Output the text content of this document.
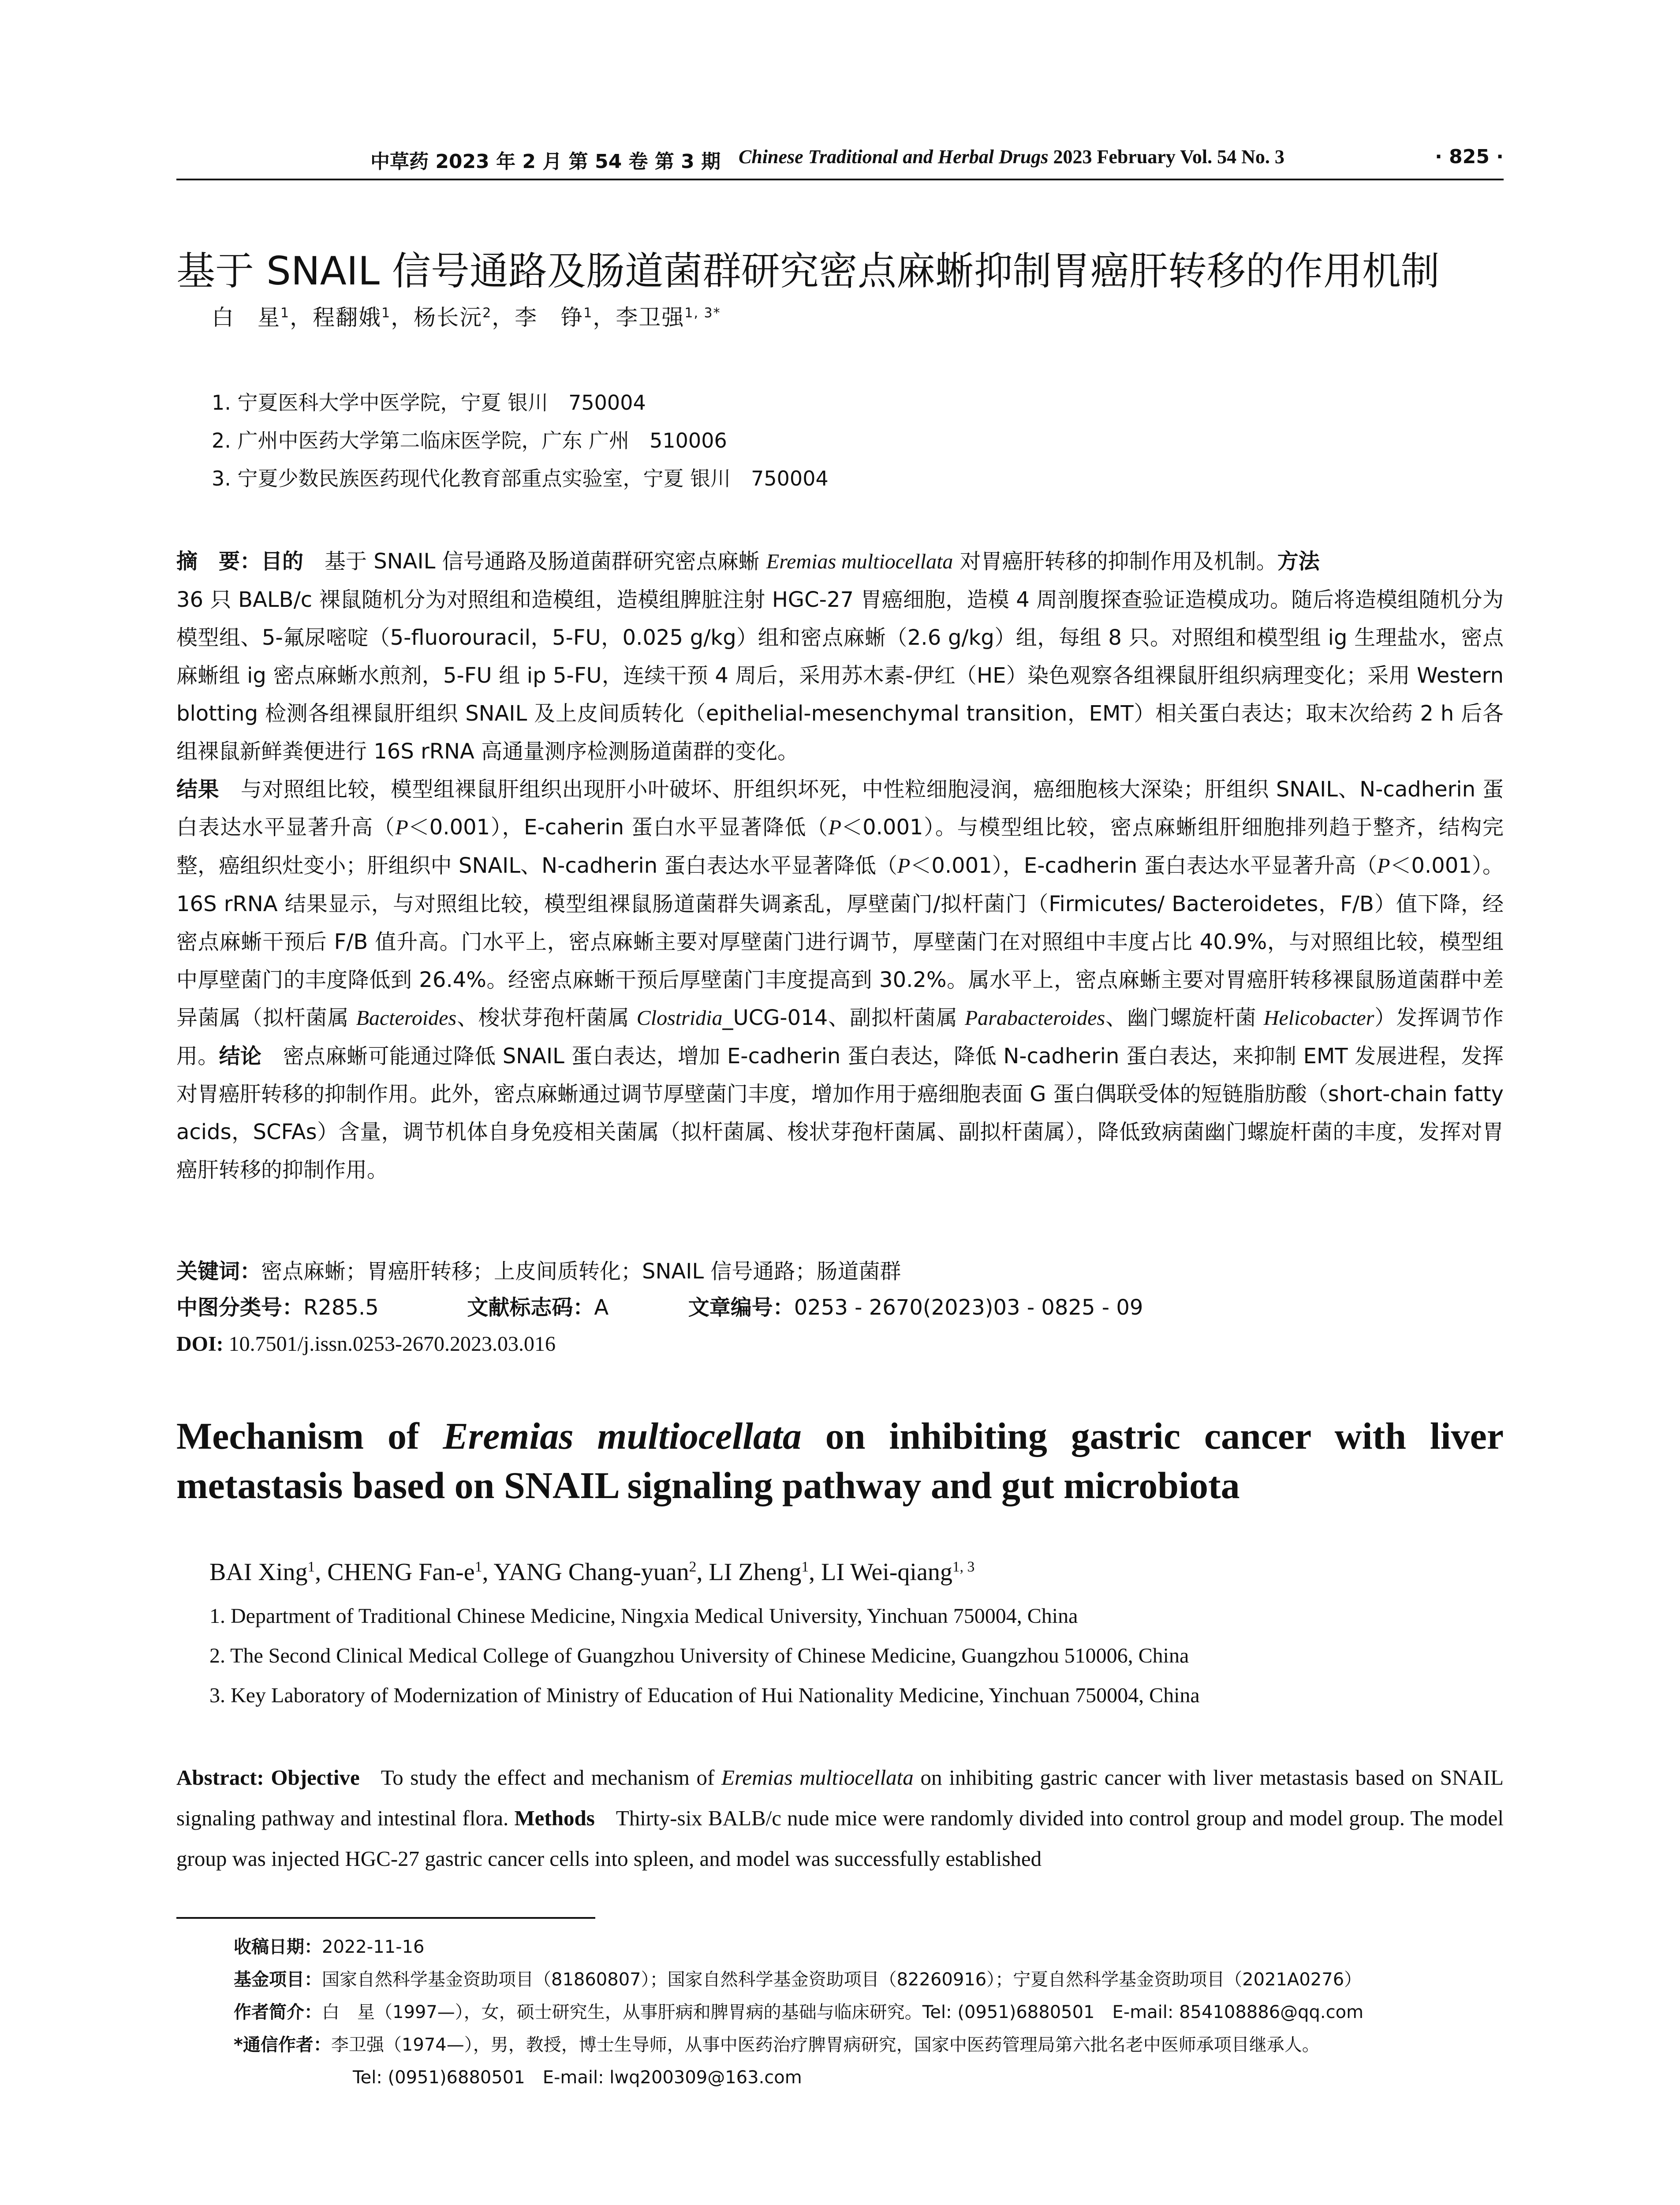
中草药 2023 年 2 月 第 54 卷 第 3 期 Chinese Traditional and Herbal Drugs 2023 February Vol. 54 No. 3	· 825 ·
基于 SNAIL 信号通路及肠道菌群研究密点麻蜥抑制胃癌肝转移的作用机制
白　星$^1$，程翻娥$^1$，杨长沅$^2$，李　铮$^1$，李卫强$^{1, 3*}$
1. 宁夏医科大学中医学院，宁夏 银川　750004
2. 广州中医药大学第二临床医学院，广东 广州　510006
3. 宁夏少数民族医药现代化教育部重点实验室，宁夏 银川　750004
摘　要：目的 基于 SNAIL 信号通路及肠道菌群研究密点麻蜥 Eremias multiocellata 对胃癌肝转移的抑制作用及机制。方法
36 只 BALB/c 裸鼠随机分为对照组和造模组，造模组脾脏注射 HGC-27 胃癌细胞，造模 4 周剖腹探查验证造模成功。随后将造模组随机分为模型组、5-氟尿嘧啶（5-fluorouracil，5-FU，0.025 g/kg）组和密点麻蜥（2.6 g/kg）组，每组 8 只。对照组和模型组 ig 生理盐水，密点麻蜥组 ig 密点麻蜥水煎剂，5-FU 组 ip 5-FU，连续干预 4 周后，采用苏木素-伊红（HE）染色观察各组裸鼠肝组织病理变化；采用 Western blotting 检测各组裸鼠肝组织 SNAIL 及上皮间质转化（epithelial-mesenchymal transition，EMT）相关蛋白表达；取末次给药 2 h 后各组裸鼠新鲜粪便进行 16S rRNA 高通量测序检测肠道菌群的变化。
结果 与对照组比较，模型组裸鼠肝组织出现肝小叶破坏、肝组织坏死，中性粒细胞浸润，癌细胞核大深染；肝组织 SNAIL、N-cadherin 蛋白表达水平显著升高（P＜0.001），E-caherin 蛋白水平显著降低（P＜0.001）。与模型组比较，密点麻蜥组肝细胞排列趋于整齐，结构完整，癌组织灶变小；肝组织中 SNAIL、N-cadherin 蛋白表达水平显著降低（P＜0.001），E-cadherin 蛋白表达水平显著升高（P＜0.001）。16S rRNA 结果显示，与对照组比较，模型组裸鼠肠道菌群失调紊乱，厚壁菌门/拟杆菌门（Firmicutes/ Bacteroidetes，F/B）值下降，经密点麻蜥干预后 F/B 值升高。门水平上，密点麻蜥主要对厚壁菌门进行调节，厚壁菌门在对照组中丰度占比 40.9%，与对照组比较，模型组中厚壁菌门的丰度降低到 26.4%。经密点麻蜥干预后厚壁菌门丰度提高到 30.2%。属水平上，密点麻蜥主要对胃癌肝转移裸鼠肠道菌群中差异菌属（拟杆菌属 Bacteroides、梭状芽孢杆菌属 Clostridia_UCG-014、副拟杆菌属 Parabacteroides、幽门螺旋杆菌 Helicobacter）发挥调节作用。结论 密点麻蜥可能通过降低 SNAIL 蛋白表达，增加 E-cadherin 蛋白表达，降低 N-cadherin 蛋白表达，来抑制 EMT 发展进程，发挥对胃癌肝转移的抑制作用。此外，密点麻蜥通过调节厚壁菌门丰度，增加作用于癌细胞表面 G 蛋白偶联受体的短链脂肪酸（short-chain fatty acids，SCFAs）含量，调节机体自身免疫相关菌属（拟杆菌属、梭状芽孢杆菌属、副拟杆菌属），降低致病菌幽门螺旋杆菌的丰度，发挥对胃癌肝转移的抑制作用。
关键词：密点麻蜥；胃癌肝转移；上皮间质转化；SNAIL 信号通路；肠道菌群
中图分类号：R285.5	文献标志码：A	文章编号：0253 - 2670(2023)03 - 0825 - 09
DOI: 10.7501/j.issn.0253-2670.2023.03.016
Mechanism of Eremias multiocellata on inhibiting gastric cancer with liver metastasis based on SNAIL signaling pathway and gut microbiota
BAI Xing$^1$, CHENG Fan-$e^1$, YANG Chang-yuan$^2$, LI Zheng$^1$, LI Wei-qiang$^{1, 3}$
1. Department of Traditional Chinese Medicine, Ningxia Medical University, Yinchuan 750004, China
2. The Second Clinical Medical College of Guangzhou University of Chinese Medicine, Guangzhou 510006, China
3. Key Laboratory of Modernization of Ministry of Education of Hui Nationality Medicine, Yinchuan 750004, China
Abstract: Objective To study the effect and mechanism of Eremias multiocellata on inhibiting gastric cancer with liver metastasis based on SNAIL signaling pathway and intestinal flora. Methods Thirty-six BALB/c nude mice were randomly divided into control group and model group. The model group was injected HGC-27 gastric cancer cells into spleen, and model was successfully established
收稿日期：2022-11-16
基金项目：国家自然科学基金资助项目（81860807）；国家自然科学基金资助项目（82260916）；宁夏自然科学基金资助项目（2021A0276）
作者简介：白　星（1997—），女，硕士研究生，从事肝病和脾胃病的基础与临床研究。Tel: (0951)6880501　E-mail: 854108886@qq.com
*通信作者：李卫强（1974—），男，教授，博士生导师，从事中医药治疗脾胃病研究，国家中医药管理局第六批名老中医师承项目继承人。
Tel: (0951)6880501　E-mail: lwq200309@163.com
